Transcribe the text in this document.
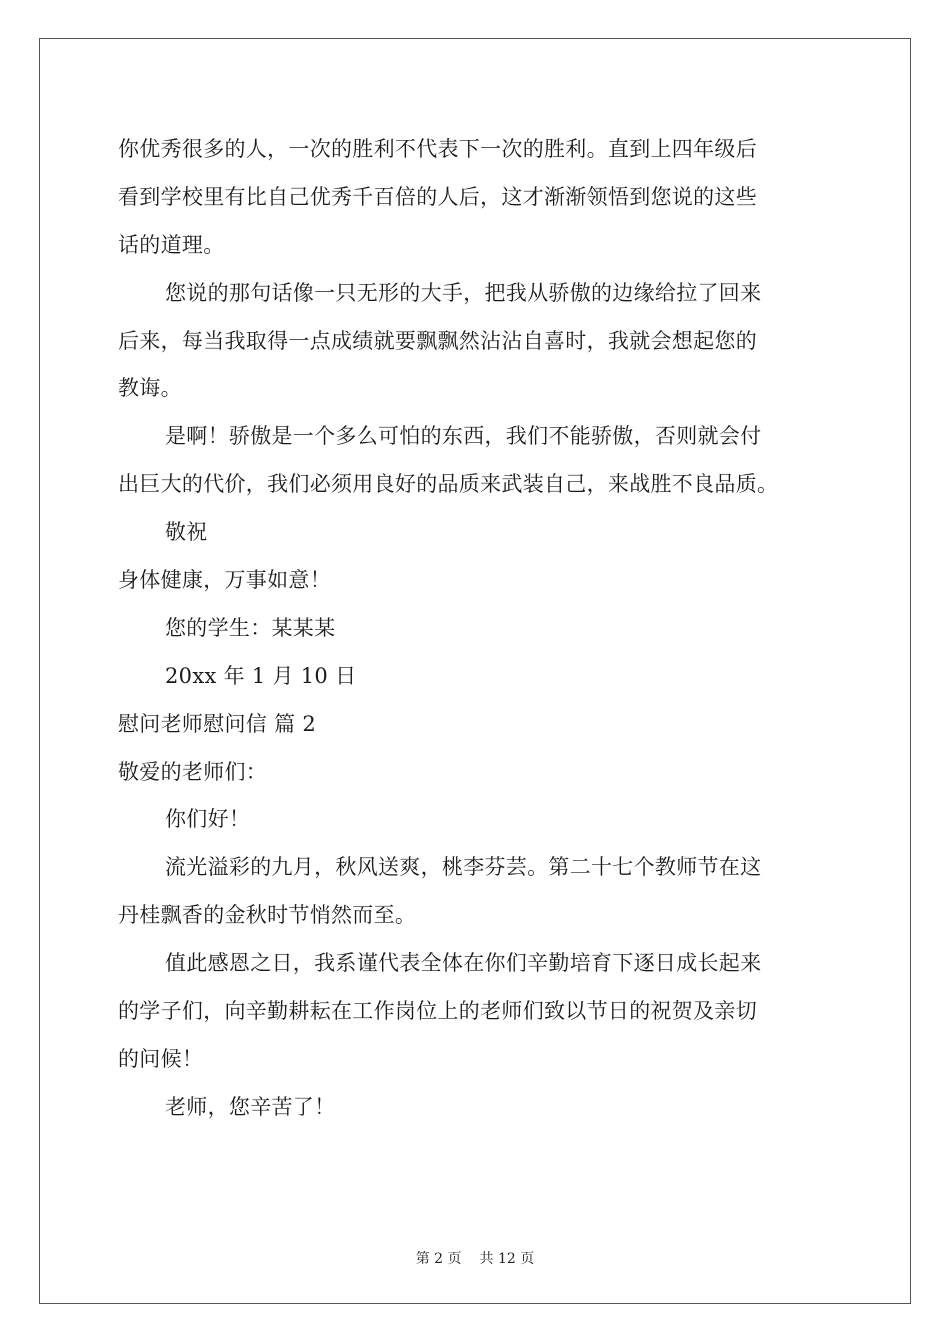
你优秀很多的人，一次的胜利不代表下一次的胜利。直到上四年级后
看到学校里有比自己优秀千百倍的人后，这才渐渐领悟到您说的这些
话的道理。
您说的那句话像一只无形的大手，把我从骄傲的边缘给拉了回来
后来，每当我取得一点成绩就要飘飘然沾沾自喜时，我就会想起您的
教诲。
是啊！骄傲是一个多么可怕的东西，我们不能骄傲，否则就会付
出巨大的代价，我们必须用良好的品质来武装自己，来战胜不良品质。
敬祝
身体健康，万事如意！
您的学生：某某某
20xx 年 1 月 10 日
慰问老师慰问信 篇 2
敬爱的老师们：
你们好！
流光溢彩的九月，秋风送爽，桃李芬芸。第二十七个教师节在这
丹桂飘香的金秋时节悄然而至。
值此感恩之日，我系谨代表全体在你们辛勤培育下逐日成长起来
的学子们，向辛勤耕耘在工作岗位上的老师们致以节日的祝贺及亲切
的问候！
老师，您辛苦了！
第 2 页 共 12 页
